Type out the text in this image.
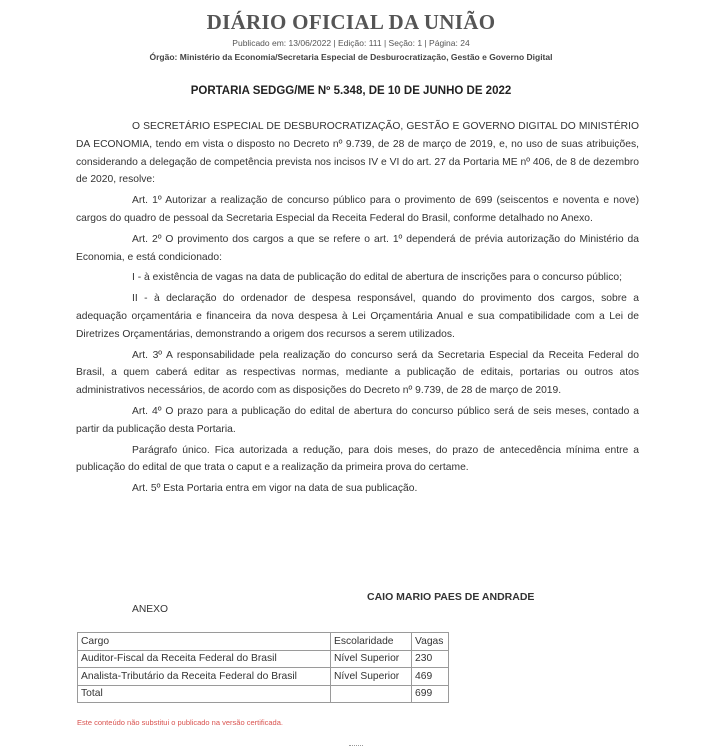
DIÁRIO OFICIAL DA UNIÃO
Publicado em: 13/06/2022 | Edição: 111 | Seção: 1 | Página: 24
Órgão: Ministério da Economia/Secretaria Especial de Desburocratização, Gestão e Governo Digital
PORTARIA SEDGG/ME Nº 5.348, DE 10 DE JUNHO DE 2022

O SECRETÁRIO ESPECIAL DE DESBUROCRATIZAÇÃO, GESTÃO E GOVERNO DIGITAL DO MINISTÉRIO DA ECONOMIA, tendo em vista o disposto no Decreto nº 9.739, de 28 de março de 2019, e, no uso de suas atribuições, considerando a delegação de competência prevista nos incisos IV e VI do art. 27 da Portaria ME nº 406, de 8 de dezembro de 2020, resolve:

Art. 1º Autorizar a realização de concurso público para o provimento de 699 (seiscentos e noventa e nove) cargos do quadro de pessoal da Secretaria Especial da Receita Federal do Brasil, conforme detalhado no Anexo.

Art. 2º O provimento dos cargos a que se refere o art. 1º dependerá de prévia autorização do Ministério da Economia, e está condicionado:

I - à existência de vagas na data de publicação do edital de abertura de inscrições para o concurso público;

II - à declaração do ordenador de despesa responsável, quando do provimento dos cargos, sobre a adequação orçamentária e financeira da nova despesa à Lei Orçamentária Anual e sua compatibilidade com a Lei de Diretrizes Orçamentárias, demonstrando a origem dos recursos a serem utilizados.

Art. 3º A responsabilidade pela realização do concurso será da Secretaria Especial da Receita Federal do Brasil, a quem caberá editar as respectivas normas, mediante a publicação de editais, portarias ou outros atos administrativos necessários, de acordo com as disposições do Decreto nº 9.739, de 28 de março de 2019.

Art. 4º O prazo para a publicação do edital de abertura do concurso público será de seis meses, contado a partir da publicação desta Portaria.

Parágrafo único. Fica autorizada a redução, para dois meses, do prazo de antecedência mínima entre a publicação do edital de que trata o caput e a realização da primeira prova do certame.

Art. 5º Esta Portaria entra em vigor na data de sua publicação.

CAIO MARIO PAES DE ANDRADE
ANEXO
Cargo	Escolaridade	Vagas
Auditor-Fiscal da Receita Federal do Brasil	Nível Superior	230
Analista-Tributário da Receita Federal do Brasil	Nível Superior	469
Total		699
Este conteúdo não substitui o publicado na versão certificada.
